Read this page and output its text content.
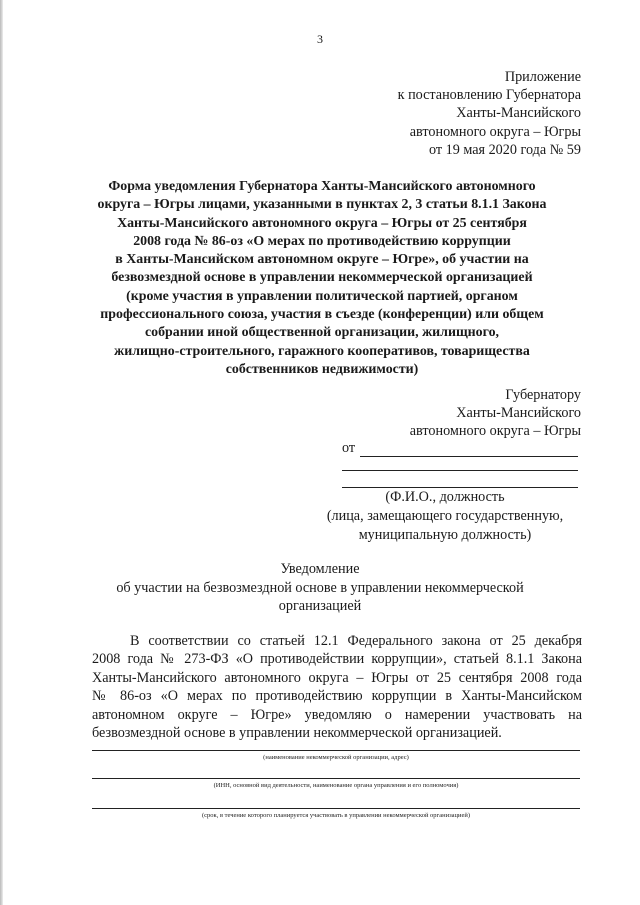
3
Приложение
к постановлению Губернатора
Ханты-Мансийского
автономного округа – Югры
от 19 мая 2020 года № 59
Форма уведомления Губернатора Ханты-Мансийского автономного
округа – Югры лицами, указанными в пунктах 2, 3 статьи 8.1.1 Закона
Ханты-Мансийского автономного округа – Югры от 25 сентября
2008 года № 86-оз «О мерах по противодействию коррупции
в Ханты-Мансийском автономном округе – Югре», об участии на
безвозмездной основе в управлении некоммерческой организацией
(кроме участия в управлении политической партией, органом
профессионального союза, участия в съезде (конференции) или общем
собрании иной общественной организации, жилищного,
жилищно-строительного, гаражного кооперативов, товарищества
собственников недвижимости)
Губернатору
Ханты-Мансийского
автономного округа – Югры
от
(Ф.И.О., должность
(лица, замещающего государственную,
муниципальную должность)
Уведомление
об участии на безвозмездной основе в управлении некоммерческой
организацией
В соответствии со статьей 12.1 Федерального закона от 25 декабря
2008 года № 273-ФЗ «О противодействии коррупции», статьей 8.1.1 Закона
Ханты-Мансийского автономного округа – Югры от 25 сентября 2008 года
№ 86-оз «О мерах по противодействию коррупции в Ханты-Мансийском
автономном округе – Югре» уведомляю о намерении участвовать на
безвозмездной основе в управлении некоммерческой организацией.
(наименование некоммерческой организации, адрес)
(ИНН, основной вид деятельности, наименование органа управления и его полномочия)
(срок, в течение которого планируется участвовать в управлении некоммерческой организацией)
